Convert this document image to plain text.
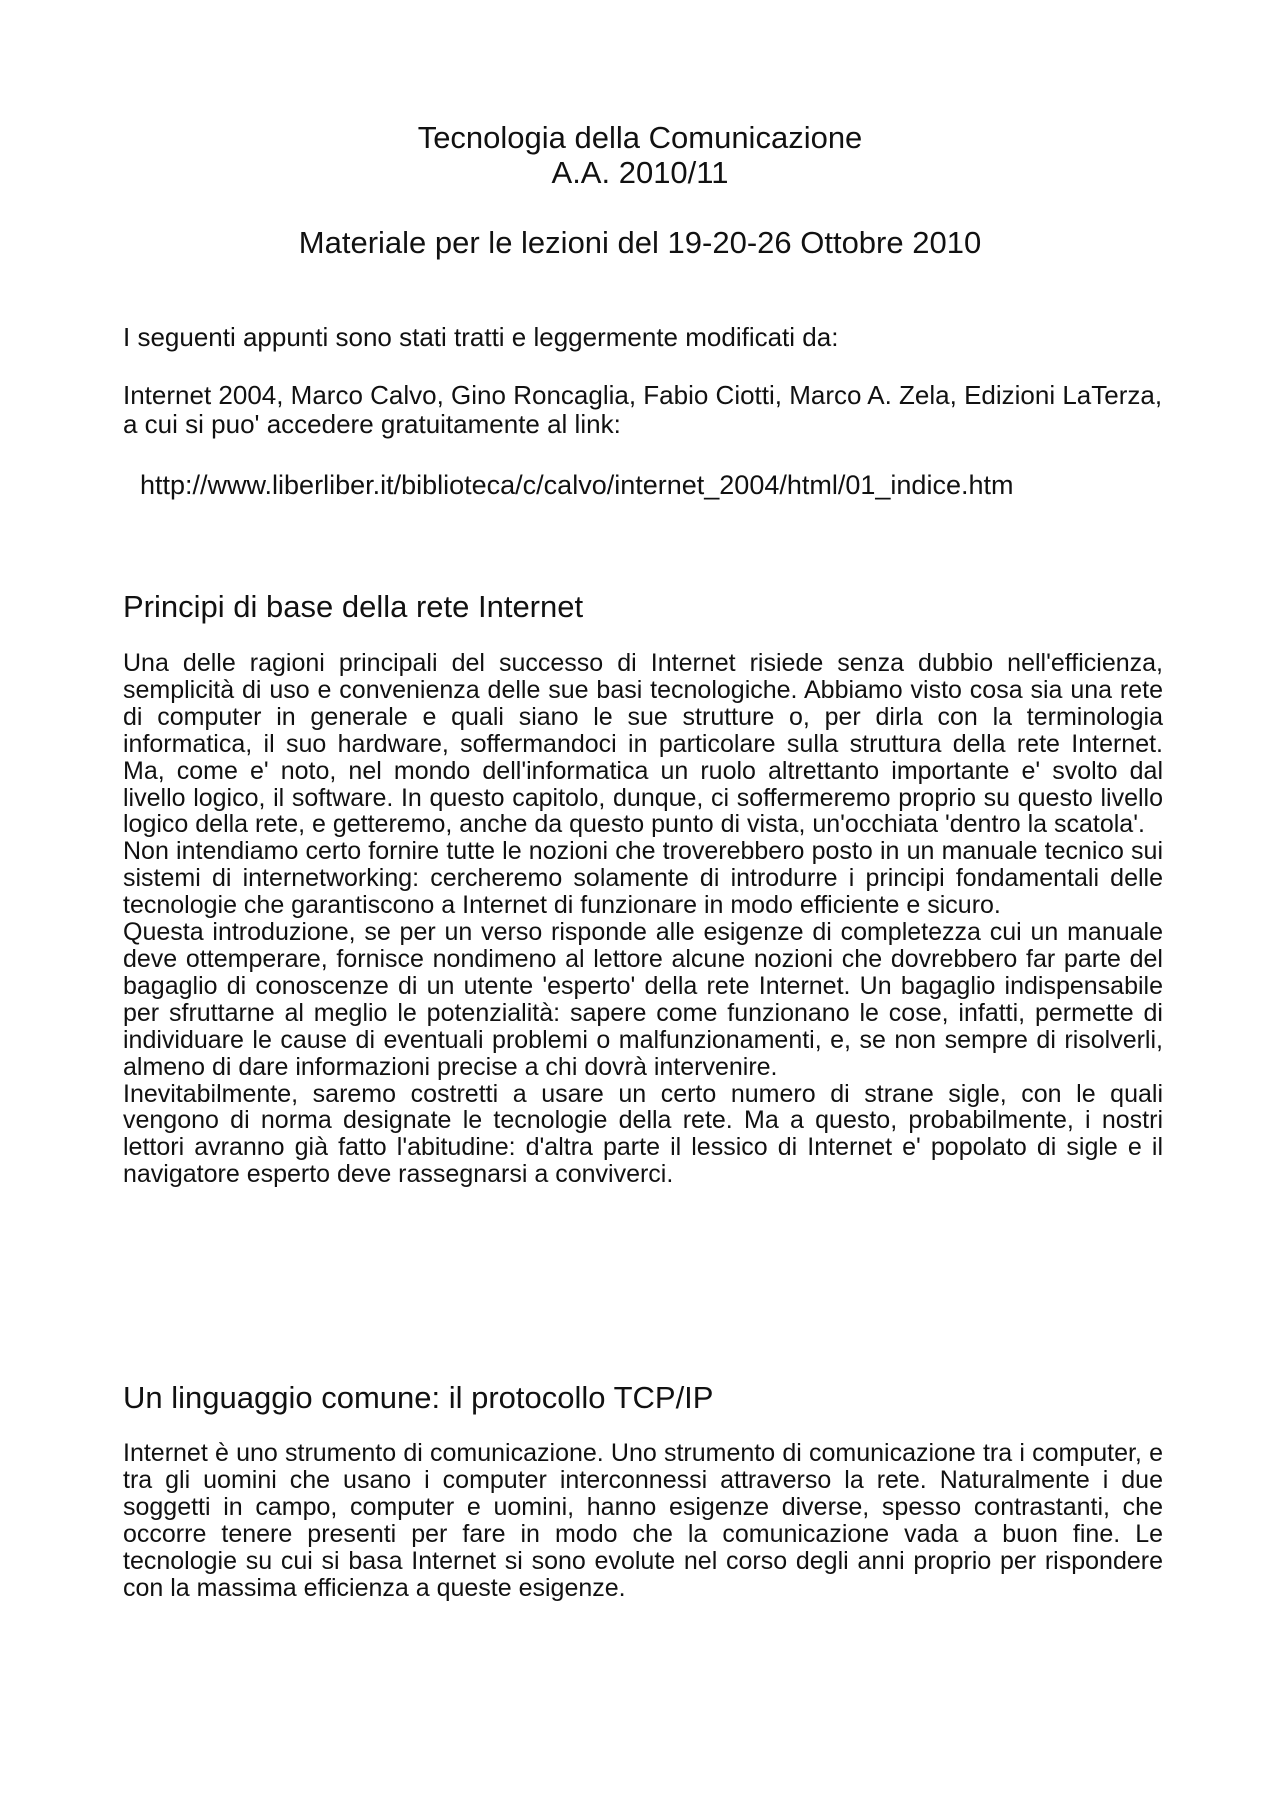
Tecnologia della Comunicazione
A.A. 2010/11
Materiale per le lezioni del 19-20-26 Ottobre 2010

I seguenti appunti sono stati tratti e leggermente modificati da:

Internet 2004, Marco Calvo, Gino Roncaglia, Fabio Ciotti, Marco A. Zela, Edizioni LaTerza, a cui si puo' accedere gratuitamente al link:

http://www.liberliber.it/biblioteca/c/calvo/internet_2004/html/01_indice.htm
Principi di base della rete Internet

Una delle ragioni principali del successo di Internet risiede senza dubbio nell'efficienza, semplicità di uso e convenienza delle sue basi tecnologiche. Abbiamo visto cosa sia una rete di computer in generale e quali siano le sue strutture o, per dirla con la terminologia informatica, il suo hardware, soffermandoci in particolare sulla struttura della rete Internet. Ma, come e' noto, nel mondo dell'informatica un ruolo altrettanto importante e' svolto dal livello logico, il software. In questo capitolo, dunque, ci soffermeremo proprio su questo livello logico della rete, e getteremo, anche da questo punto di vista, un'occhiata 'dentro la scatola'.

Non intendiamo certo fornire tutte le nozioni che troverebbero posto in un manuale tecnico sui sistemi di internetworking: cercheremo solamente di introdurre i principi fondamentali delle tecnologie che garantiscono a Internet di funzionare in modo efficiente e sicuro.

Questa introduzione, se per un verso risponde alle esigenze di completezza cui un manuale deve ottemperare, fornisce nondimeno al lettore alcune nozioni che dovrebbero far parte del bagaglio di conoscenze di un utente 'esperto' della rete Internet. Un bagaglio indispensabile per sfruttarne al meglio le potenzialità: sapere come funzionano le cose, infatti, permette di individuare le cause di eventuali problemi o malfunzionamenti, e, se non sempre di risolverli, almeno di dare informazioni precise a chi dovrà intervenire.

Inevitabilmente, saremo costretti a usare un certo numero di strane sigle, con le quali vengono di norma designate le tecnologie della rete. Ma a questo, probabilmente, i nostri lettori avranno già fatto l'abitudine: d'altra parte il lessico di Internet e' popolato di sigle e il navigatore esperto deve rassegnarsi a conviverci.

Un linguaggio comune: il protocollo TCP/IP

Internet è uno strumento di comunicazione. Uno strumento di comunicazione tra i computer, e tra gli uomini che usano i computer interconnessi attraverso la rete. Naturalmente i due soggetti in campo, computer e uomini, hanno esigenze diverse, spesso contrastanti, che occorre tenere presenti per fare in modo che la comunicazione vada a buon fine. Le tecnologie su cui si basa Internet si sono evolute nel corso degli anni proprio per rispondere con la massima efficienza a queste esigenze.
